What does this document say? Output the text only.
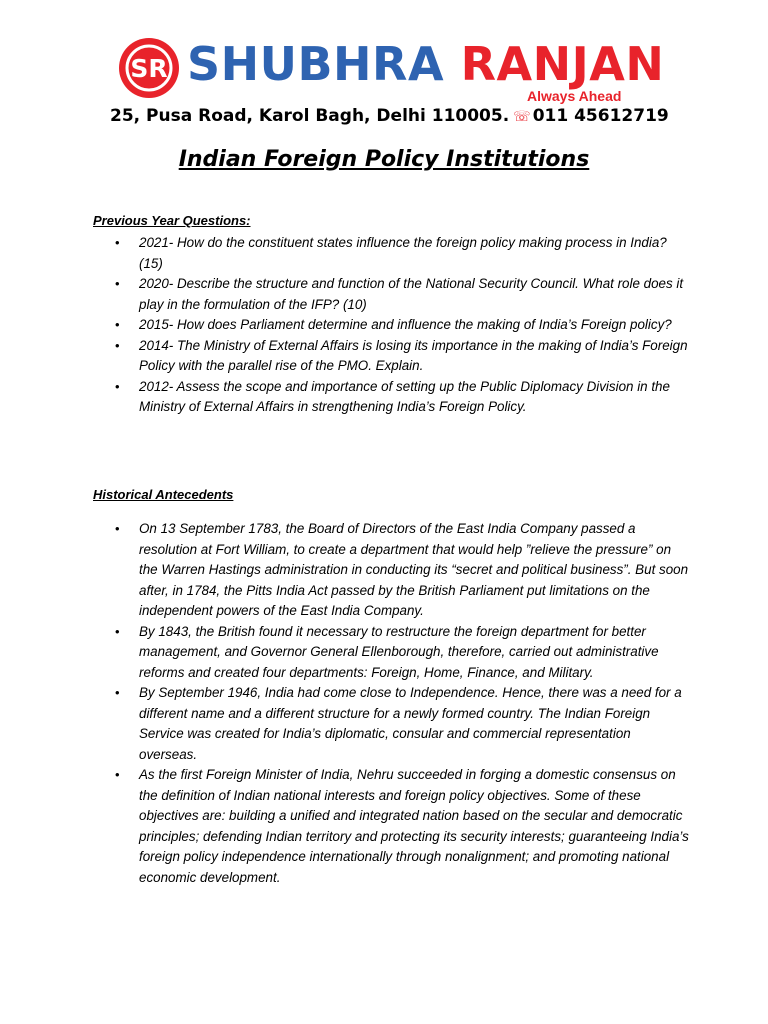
SR SHUBHRA RANJAN
Always Ahead
25, Pusa Road, Karol Bagh, Delhi 110005. ☏ 011 45612719
Indian Foreign Policy Institutions
Previous Year Questions:
• 2021- How do the constituent states influence the foreign policy making process in India? (15)
• 2020- Describe the structure and function of the National Security Council. What role does it play in the formulation of the IFP? (10)
• 2015- How does Parliament determine and influence the making of India’s Foreign policy?
• 2014- The Ministry of External Affairs is losing its importance in the making of India’s Foreign Policy with the parallel rise of the PMO. Explain.
• 2012- Assess the scope and importance of setting up the Public Diplomacy Division in the Ministry of External Affairs in strengthening India’s Foreign Policy.
Historical Antecedents
• On 13 September 1783, the Board of Directors of the East India Company passed a resolution at Fort William, to create a department that would help ”relieve the pressure” on the Warren Hastings administration in conducting its “secret and political business”. But soon after, in 1784, the Pitts India Act passed by the British Parliament put limitations on the independent powers of the East India Company.
• By 1843, the British found it necessary to restructure the foreign department for better management, and Governor General Ellenborough, therefore, carried out administrative reforms and created four departments: Foreign, Home, Finance, and Military.
• By September 1946, India had come close to Independence. Hence, there was a need for a different name and a different structure for a newly formed country. The Indian Foreign Service was created for India’s diplomatic, consular and commercial representation overseas.
• As the first Foreign Minister of India, Nehru succeeded in forging a domestic consensus on the definition of Indian national interests and foreign policy objectives. Some of these objectives are: building a unified and integrated nation based on the secular and democratic principles; defending Indian territory and protecting its security interests; guaranteeing India’s foreign policy independence internationally through nonalignment; and promoting national economic development.
